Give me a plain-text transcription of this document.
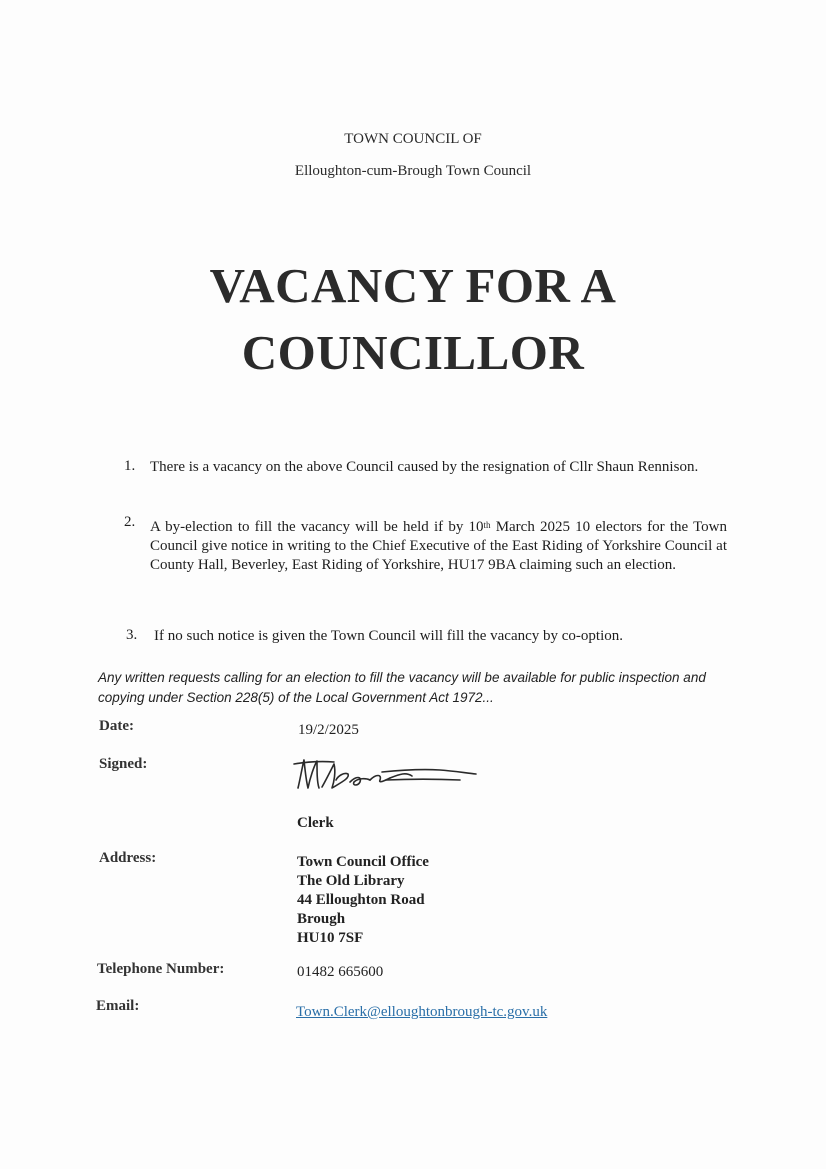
TOWN COUNCIL OF
Elloughton-cum-Brough Town Council
VACANCY FOR A
COUNCILLOR
1. There is a vacancy on the above Council caused by the resignation of Cllr Shaun Rennison.
2. A by-election to fill the vacancy will be held if by 10th March 2025 10 electors for the Town Council give notice in writing to the Chief Executive of the East Riding of Yorkshire Council at County Hall, Beverley, East Riding of Yorkshire, HU17 9BA claiming such an election.
3. If no such notice is given the Town Council will fill the vacancy by co-option.
Any written requests calling for an election to fill the vacancy will be available for public inspection and copying under Section 228(5) of the Local Government Act 1972...
Date:	19/2/2025
Signed:
Clerk
Address:	Town Council Office
The Old Library
44 Elloughton Road
Brough
HU10 7SF
Telephone Number:	01482 665600
Email:	Town.Clerk@elloughtonbrough-tc.gov.uk
